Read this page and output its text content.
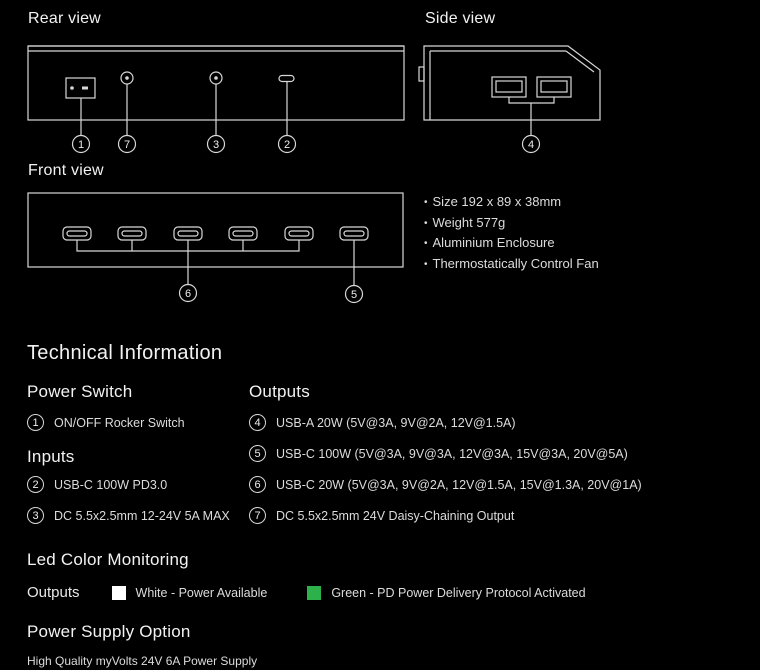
Rear view	Side view
Front view
1	7	3	2	4
6	5
• Size 192 x 89 x 38mm
• Weight 577g
• Aluminium Enclosure
• Thermostatically Control Fan
Technical Information
Power Switch
1	ON/OFF Rocker Switch
Inputs
2	USB-C 100W PD3.0
3	DC 5.5x2.5mm 12-24V 5A MAX
Outputs
4	USB-A 20W (5V@3A, 9V@2A, 12V@1.5A)
5	USB-C 100W (5V@3A, 9V@3A, 12V@3A, 15V@3A, 20V@5A)
6	USB-C 20W (5V@3A, 9V@2A, 12V@1.5A, 15V@1.3A, 20V@1A)
7	DC 5.5x2.5mm 24V Daisy-Chaining Output
Led Color Monitoring
Outputs	White - Power Available	Green - PD Power Delivery Protocol Activated
Power Supply Option
High Quality myVolts 24V 6A Power Supply
